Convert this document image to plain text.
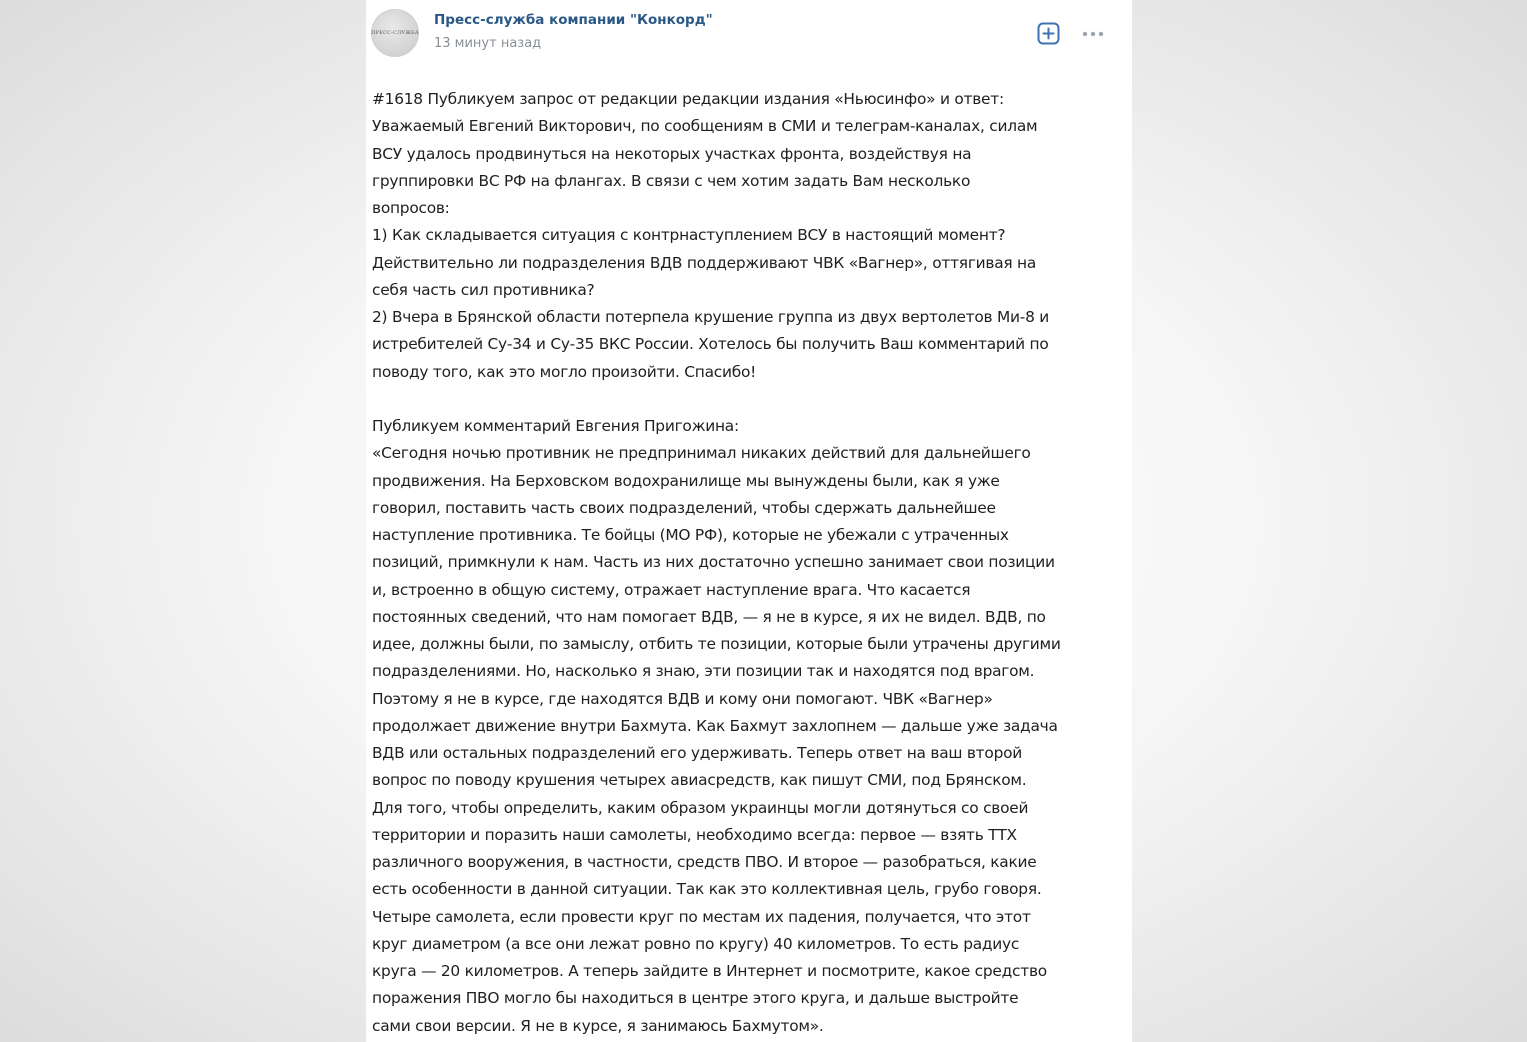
ПРЕСС-СЛУЖБА
Пресс-служба компании "Конкорд"
13 минут назад
#1618 Публикуем запрос от редакции редакции издания «Ньюсинфо» и ответ:
Уважаемый Евгений Викторович, по сообщениям в СМИ и телеграм-каналах, силам
ВСУ удалось продвинуться на некоторых участках фронта, воздействуя на
группировки ВС РФ на флангах. В связи с чем хотим задать Вам несколько
вопросов:
1) Как складывается ситуация с контрнаступлением ВСУ в настоящий момент?
Действительно ли подразделения ВДВ поддерживают ЧВК «Вагнер», оттягивая на
себя часть сил противника?
2) Вчера в Брянской области потерпела крушение группа из двух вертолетов Ми-8 и
истребителей Су-34 и Су-35 ВКС России. Хотелось бы получить Ваш комментарий по
поводу того, как это могло произойти. Спасибо!
Публикуем комментарий Евгения Пригожина:
«Сегодня ночью противник не предпринимал никаких действий для дальнейшего
продвижения. На Берховском водохранилище мы вынуждены были, как я уже
говорил, поставить часть своих подразделений, чтобы сдержать дальнейшее
наступление противника. Те бойцы (МО РФ), которые не убежали с утраченных
позиций, примкнули к нам. Часть из них достаточно успешно занимает свои позиции
и, встроенно в общую систему, отражает наступление врага. Что касается
постоянных сведений, что нам помогает ВДВ, — я не в курсе, я их не видел. ВДВ, по
идее, должны были, по замыслу, отбить те позиции, которые были утрачены другими
подразделениями. Но, насколько я знаю, эти позиции так и находятся под врагом.
Поэтому я не в курсе, где находятся ВДВ и кому они помогают. ЧВК «Вагнер»
продолжает движение внутри Бахмута. Как Бахмут захлопнем — дальше уже задача
ВДВ или остальных подразделений его удерживать. Теперь ответ на ваш второй
вопрос по поводу крушения четырех авиасредств, как пишут СМИ, под Брянском.
Для того, чтобы определить, каким образом украинцы могли дотянуться со своей
территории и поразить наши самолеты, необходимо всегда: первое — взять ТТХ
различного вооружения, в частности, средств ПВО. И второе — разобраться, какие
есть особенности в данной ситуации. Так как это коллективная цель, грубо говоря.
Четыре самолета, если провести круг по местам их падения, получается, что этот
круг диаметром (а все они лежат ровно по кругу) 40 километров. То есть радиус
круга — 20 километров. А теперь зайдите в Интернет и посмотрите, какое средство
поражения ПВО могло бы находиться в центре этого круга, и дальше выстройте
сами свои версии. Я не в курсе, я занимаюсь Бахмутом».
